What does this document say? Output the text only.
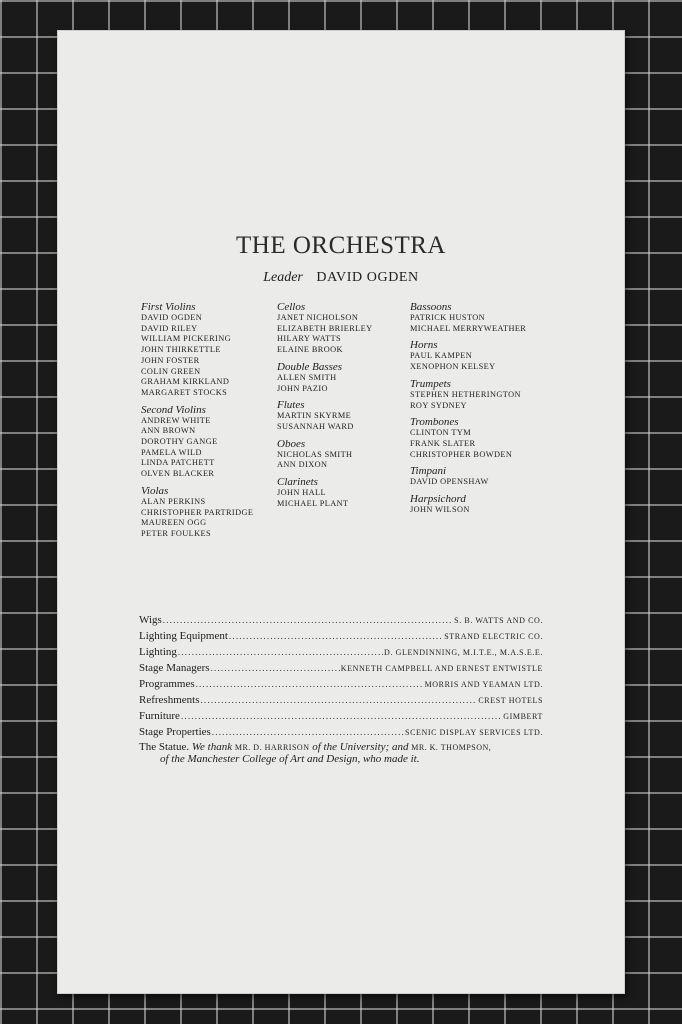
THE ORCHESTRA
Leader DAVID OGDEN
First Violins
DAVID OGDEN
DAVID RILEY
WILLIAM PICKERING
JOHN THIRKETTLE
JOHN FOSTER
COLIN GREEN
GRAHAM KIRKLAND
MARGARET STOCKS
Second Violins
ANDREW WHITE
ANN BROWN
DOROTHY GANGE
PAMELA WILD
LINDA PATCHETT
OLVEN BLACKER
Violas
ALAN PERKINS
CHRISTOPHER PARTRIDGE
MAUREEN OGG
PETER FOULKES
Cellos
JANET NICHOLSON
ELIZABETH BRIERLEY
HILARY WATTS
ELAINE BROOK
Double Basses
ALLEN SMITH
JOHN PAZIO
Flutes
MARTIN SKYRME
SUSANNAH WARD
Oboes
NICHOLAS SMITH
ANN DIXON
Clarinets
JOHN HALL
MICHAEL PLANT
Bassoons
PATRICK HUSTON
MICHAEL MERRYWEATHER
Horns
PAUL KAMPEN
XENOPHON KELSEY
Trumpets
STEPHEN HETHERINGTON
ROY SYDNEY
Trombones
CLINTON TYM
FRANK SLATER
CHRISTOPHER BOWDEN
Timpani
DAVID OPENSHAW
Harpsichord
JOHN WILSON
Wigs .....	S. B. WATTS AND CO.
Lighting Equipment .....	STRAND ELECTRIC CO.
Lighting .....	D. GLENDINNING, M.I.T.E., M.A.S.E.E.
Stage Managers .....	KENNETH CAMPBELL AND ERNEST ENTWISTLE
Programmes .....	MORRIS AND YEAMAN LTD.
Refreshments .....	CREST HOTELS
Furniture .....	GIMBERT
Stage Properties .....	SCENIC DISPLAY SERVICES LTD.
The Statue. We thank MR. D. HARRISON of the University; and MR. K. THOMPSON,
of the Manchester College of Art and Design, who made it.
